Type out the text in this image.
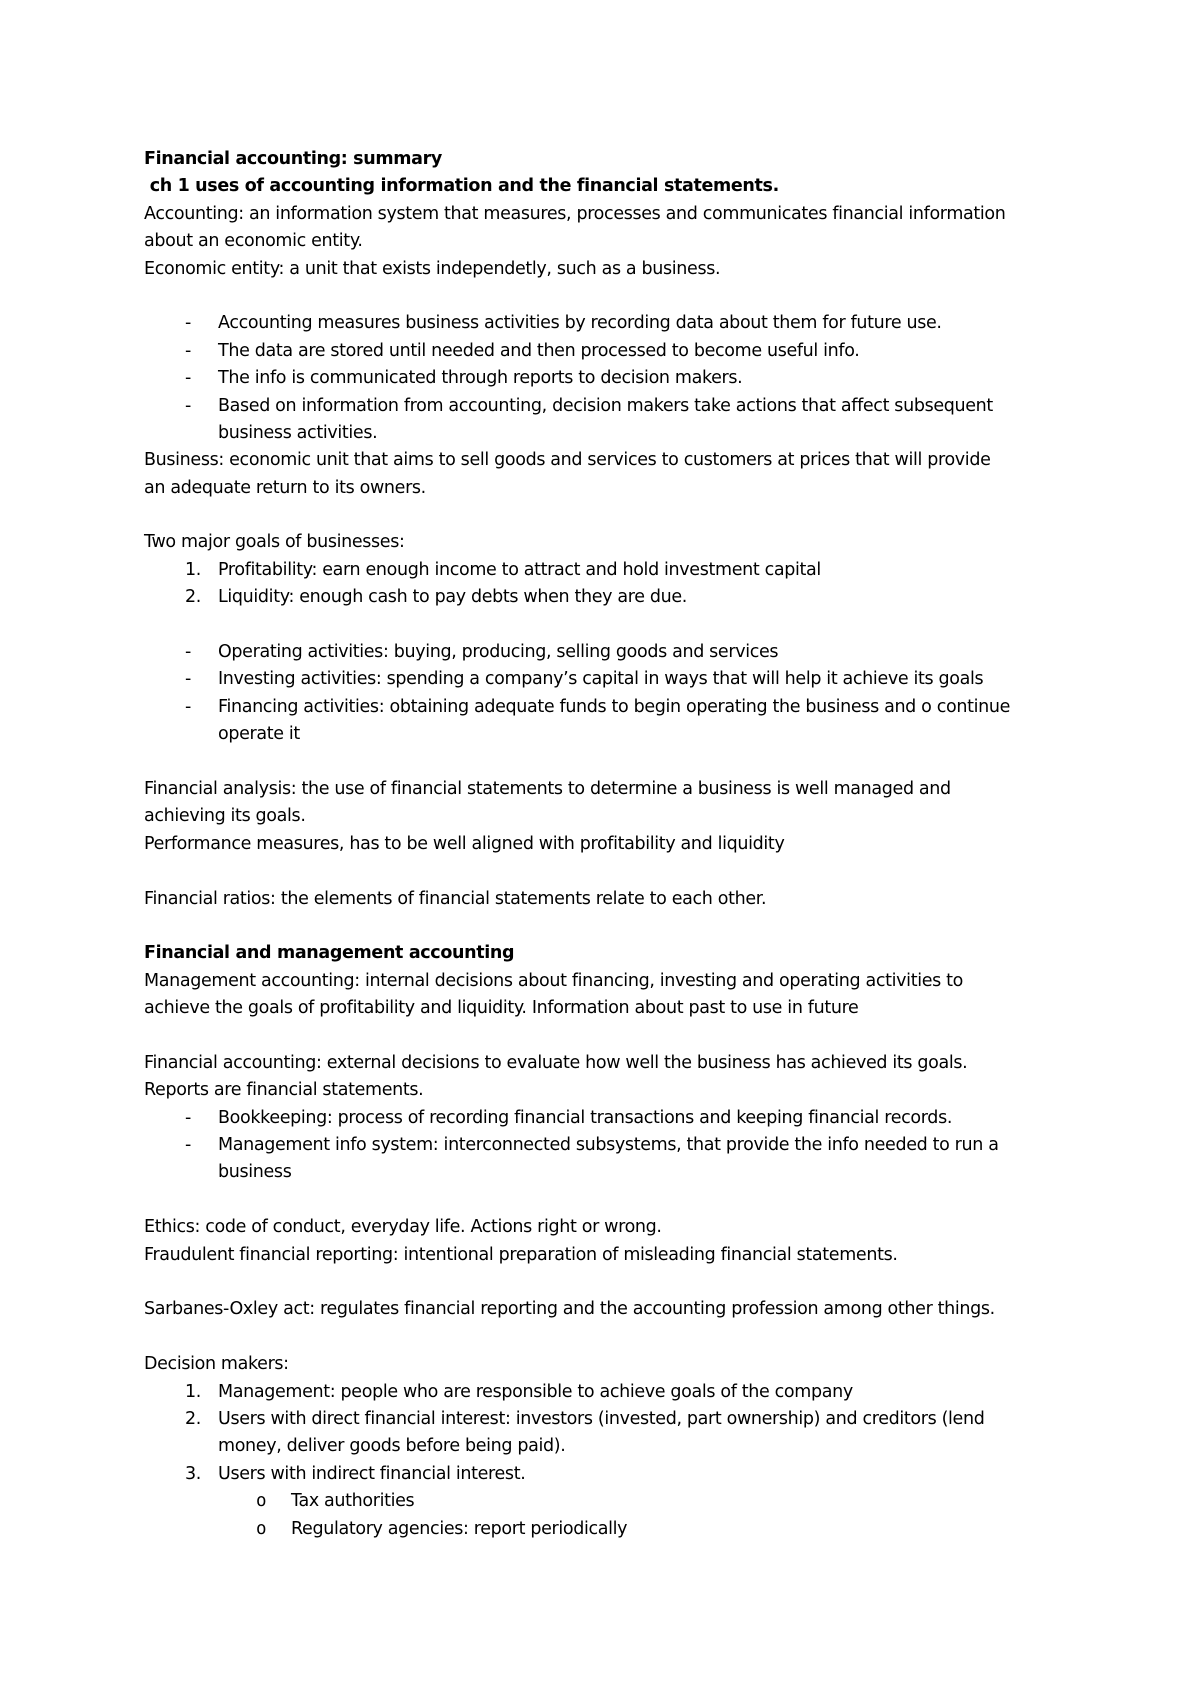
Financial accounting: summary
ch 1 uses of accounting information and the financial statements.
Accounting: an information system that measures, processes and communicates financial information
about an economic entity.
Economic entity: a unit that exists independetly, such as a business.
- Accounting measures business activities by recording data about them for future use.
- The data are stored until needed and then processed to become useful info.
- The info is communicated through reports to decision makers.
- Based on information from accounting, decision makers take actions that affect subsequent
business activities.
Business: economic unit that aims to sell goods and services to customers at prices that will provide
an adequate return to its owners.
Two major goals of businesses:
1. Profitability: earn enough income to attract and hold investment capital
2. Liquidity: enough cash to pay debts when they are due.
- Operating activities: buying, producing, selling goods and services
- Investing activities: spending a company’s capital in ways that will help it achieve its goals
- Financing activities: obtaining adequate funds to begin operating the business and o continue
operate it
Financial analysis: the use of financial statements to determine a business is well managed and
achieving its goals.
Performance measures, has to be well aligned with profitability and liquidity
Financial ratios: the elements of financial statements relate to each other.
Financial and management accounting
Management accounting: internal decisions about financing, investing and operating activities to
achieve the goals of profitability and liquidity. Information about past to use in future
Financial accounting: external decisions to evaluate how well the business has achieved its goals.
Reports are financial statements.
- Bookkeeping: process of recording financial transactions and keeping financial records.
- Management info system: interconnected subsystems, that provide the info needed to run a
business
Ethics: code of conduct, everyday life. Actions right or wrong.
Fraudulent financial reporting: intentional preparation of misleading financial statements.
Sarbanes-Oxley act: regulates financial reporting and the accounting profession among other things.
Decision makers:
1. Management: people who are responsible to achieve goals of the company
2. Users with direct financial interest: investors (invested, part ownership) and creditors (lend
money, deliver goods before being paid).
3. Users with indirect financial interest.
o Tax authorities
o Regulatory agencies: report periodically
